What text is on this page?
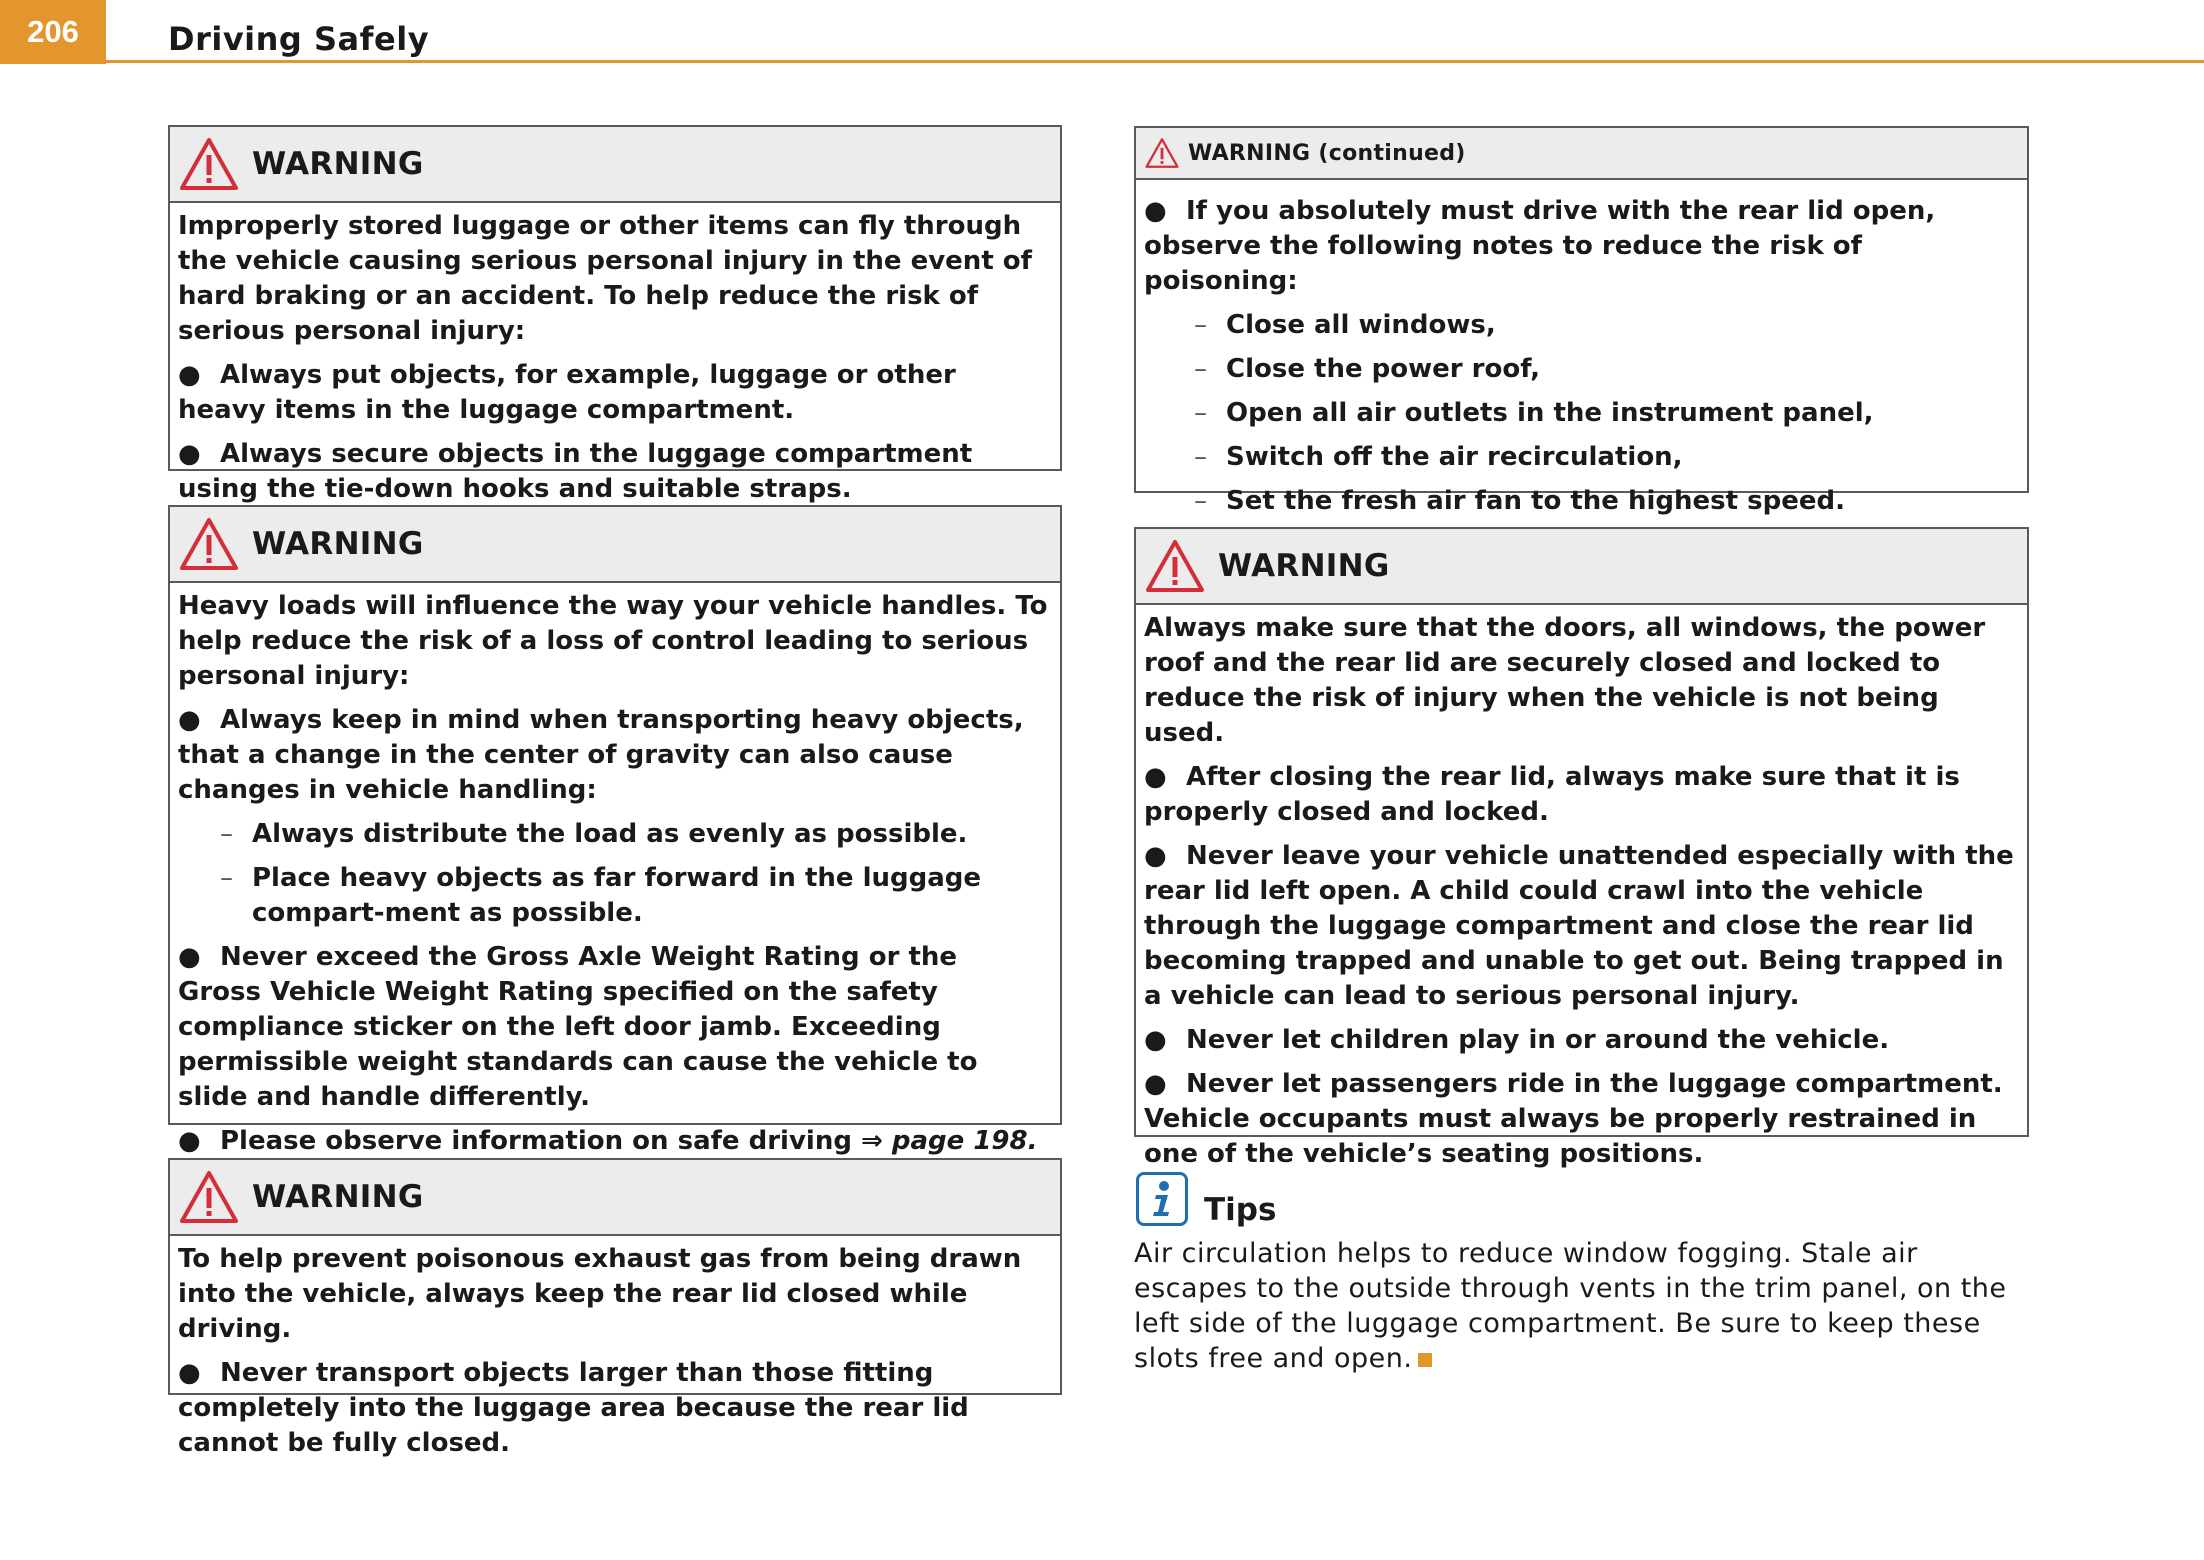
206	Driving Safely
WARNING

Improperly stored luggage or other items can fly through the vehicle causing serious personal injury in the event of hard braking or an accident. To help reduce the risk of serious personal injury:

● Always put objects, for example, luggage or other heavy items in the luggage compartment.

● Always secure objects in the luggage compartment using the tie-down hooks and suitable straps.

WARNING

Heavy loads will influence the way your vehicle handles. To help reduce the risk of a loss of control leading to serious personal injury:

● Always keep in mind when transporting heavy objects, that a change in the center of gravity can also cause changes in vehicle handling:

– Always distribute the load as evenly as possible.

– Place heavy objects as far forward in the luggage compart-ment as possible.

● Never exceed the Gross Axle Weight Rating or the Gross Vehicle Weight Rating specified on the safety compliance sticker on the left door jamb. Exceeding permissible weight standards can cause the vehicle to slide and handle differently.

● Please observe information on safe driving ⇒ page 198.

WARNING

To help prevent poisonous exhaust gas from being drawn into the vehicle, always keep the rear lid closed while driving.

● Never transport objects larger than those fitting completely into the luggage area because the rear lid cannot be fully closed.

WARNING (continued)

● If you absolutely must drive with the rear lid open, observe the following notes to reduce the risk of poisoning:

– Close all windows,

– Close the power roof,

– Open all air outlets in the instrument panel,

– Switch off the air recirculation,

– Set the fresh air fan to the highest speed.

WARNING

Always make sure that the doors, all windows, the power roof and the rear lid are securely closed and locked to reduce the risk of injury when the vehicle is not being used.

● After closing the rear lid, always make sure that it is properly closed and locked.

● Never leave your vehicle unattended especially with the rear lid left open. A child could crawl into the vehicle through the luggage compartment and close the rear lid becoming trapped and unable to get out. Being trapped in a vehicle can lead to serious personal injury.

● Never let children play in or around the vehicle.

● Never let passengers ride in the luggage compartment. Vehicle occupants must always be properly restrained in one of the vehicle’s seating positions.

Tips
Air circulation helps to reduce window fogging. Stale air escapes to the outside through vents in the trim panel, on the left side of the luggage compartment. Be sure to keep these slots free and open.
